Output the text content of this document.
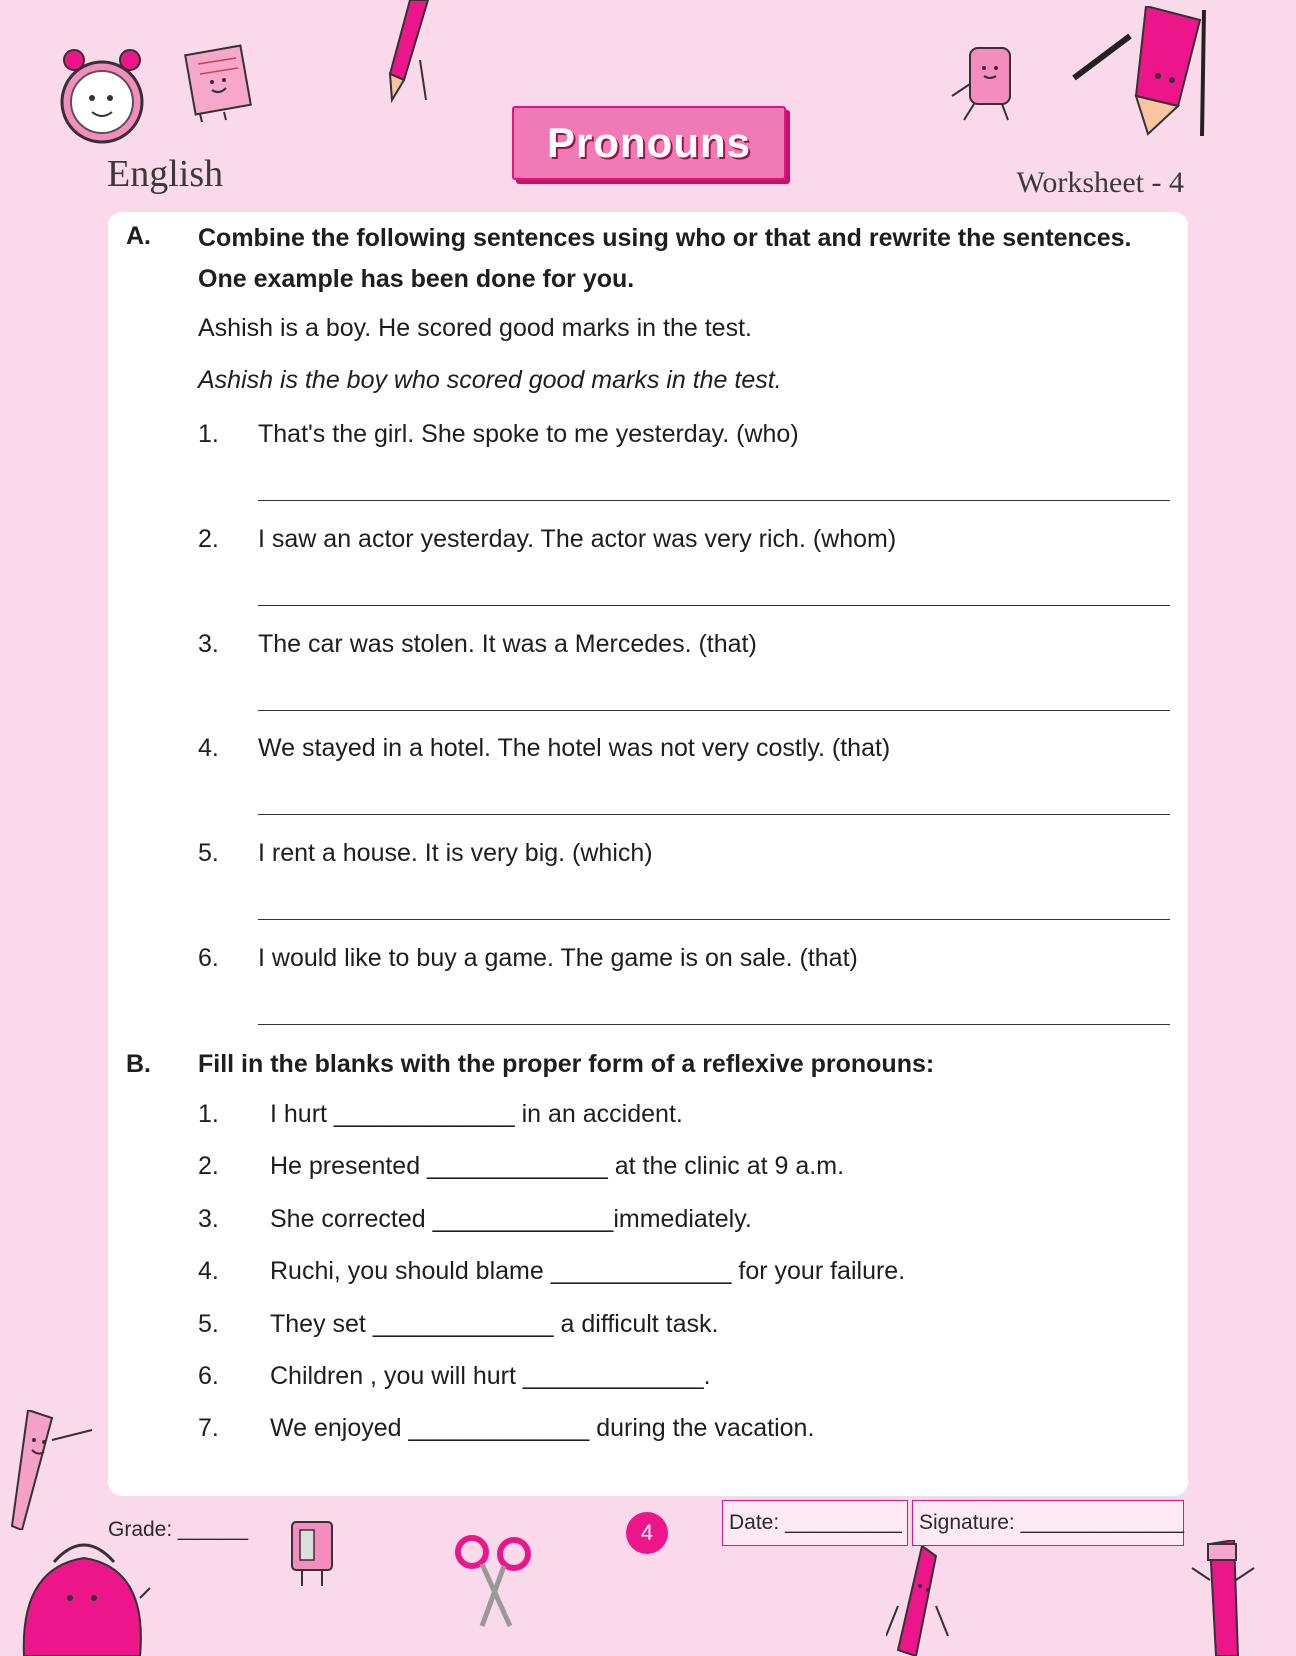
English
Pronouns
Worksheet - 4
A. Combine the following sentences using who or that and rewrite the sentences.
One example has been done for you.
Ashish is a boy. He scored good marks in the test.
Ashish is the boy who scored good marks in the test.
1. That's the girl. She spoke to me yesterday. (who)
2. I saw an actor yesterday. The actor was very rich. (whom)
3. The car was stolen. It was a Mercedes. (that)
4. We stayed in a hotel. The hotel was not very costly. (that)
5. I rent a house. It is very big. (which)
6. I would like to buy a game. The game is on sale. (that)
B. Fill in the blanks with the proper form of a reflexive pronouns:
1. I hurt _____________ in an accident.
2. He presented _____________ at the clinic at 9 a.m.
3. She corrected _____________immediately.
4. Ruchi, you should blame _____________ for your failure.
5. They set _____________ a difficult task.
6. Children , you will hurt _____________.
7. We enjoyed _____________ during the vacation.
Grade: ______	4	Date: __________ Signature: ______________
